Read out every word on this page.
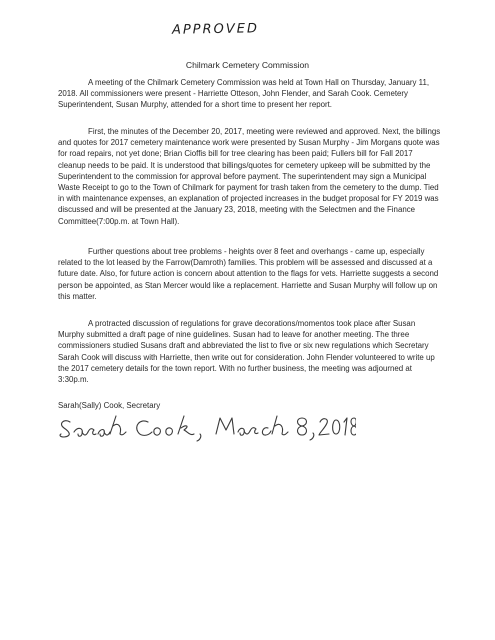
APPROVED
Chilmark Cemetery Commission

A meeting of the Chilmark Cemetery Commission was held at Town Hall on Thursday, January 11, 2018. All commissioners were present - Harriette Otteson, John Flender, and Sarah Cook. Cemetery Superintendent, Susan Murphy, attended for a short time to present her report.

First, the minutes of the December 20, 2017, meeting were reviewed and approved. Next, the billings and quotes for 2017 cemetery maintenance work were presented by Susan Murphy - Jim Morgans quote was for road repairs, not yet done; Brian Cioffis bill for tree clearing has been paid; Fullers bill for Fall 2017 cleanup needs to be paid. It is understood that billings/quotes for cemetery upkeep will be submitted by the Superintendent to the commission for approval before payment. The superintendent may sign a Municipal Waste Receipt to go to the Town of Chilmark for payment for trash taken from the cemetery to the dump. Tied in with maintenance expenses, an explanation of projected increases in the budget proposal for FY 2019 was discussed and will be presented at the January 23, 2018, meeting with the Selectmen and the Finance Committee(7:00p.m. at Town Hall).

Further questions about tree problems - heights over 8 feet and overhangs - came up, especially related to the lot leased by the Farrow(Damroth) families. This problem will be assessed and discussed at a future date. Also, for future action is concern about attention to the flags for vets. Harriette suggests a second person be appointed, as Stan Mercer would like a replacement. Harriette and Susan Murphy will follow up on this matter.

A protracted discussion of regulations for grave decorations/momentos took place after Susan Murphy submitted a draft page of nine guidelines. Susan had to leave for another meeting. The three commissioners studied Susans draft and abbreviated the list to five or six new regulations which Secretary Sarah Cook will discuss with Harriette, then write out for consideration. John Flender volunteered to write up the 2017 cemetery details for the town report. With no further business, the meeting was adjourned at 3:30p.m.

Sarah(Sally) Cook, Secretary
